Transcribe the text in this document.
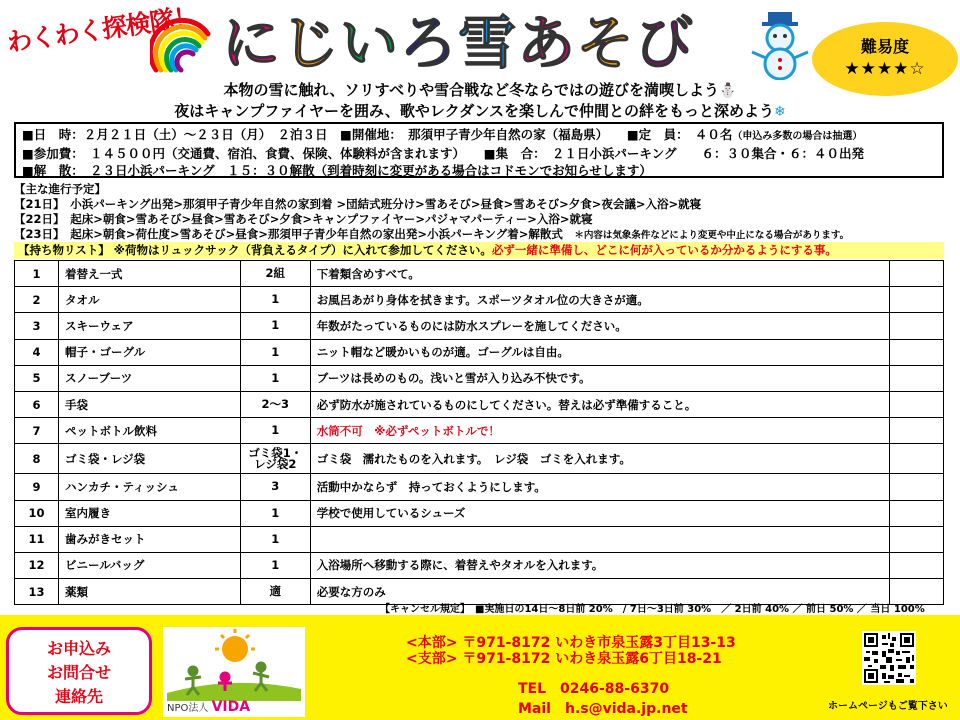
わくわく探検隊！ にじいろ雪あそび	難易度
★★★★☆

本物の雪に触れ、ソリすべりや雪合戦など冬ならではの遊びを満喫しよう⛄

夜はキャンプファイヤーを囲み、歌やレクダンスを楽しんで仲間との絆をもっと深めよう❄

■日　時：２月２１日（土）～２３日（月）　２泊３日　■開催地：　那須甲子青少年自然の家（福島県）　　■定　員：　４０名（申込み多数の場合は抽選）

■参加費：　１４５００円（交通費、宿泊、食費、保険、体験料が含まれます）　　■集　合：　２１日小浜パーキング　　６：３０集合・６：４０出発

■解　散：　２３日小浜パーキング　１５：３０解散（到着時刻に変更がある場合はコドモンでお知らせします）

【主な進行予定】

【21日】　小浜パーキング出発>那須甲子青少年自然の家到着 >団結式班分け>雪あそび>昼食>雪あそび>夕食>夜会議>入浴>就寝

【22日】　起床>朝食>雪あそび>昼食>雪あそび>夕食>キャンプファイヤー>パジャマパーティー>入浴>就寝

【23日】　起床>朝食>荷仕度>雪あそび>昼食>那須甲子青少年自然の家出発>小浜パーキング着>解散式　＊内容は気象条件などにより変更や中止になる場合があります。

【持ち物リスト】 ※荷物はリュックサック（背負えるタイプ）に入れて参加してください。必ず一緒に準備し、どこに何が入っているか分かるようにする事。
1	着替え一式	2組	下着類含めすべて。	
2	タオル	1	お風呂あがり身体を拭きます。スポーツタオル位の大きさが適。	
3	スキーウェア	1	年数がたっているものには防水スプレーを施してください。	
4	帽子・ゴーグル	1	ニット帽など暖かいものが適。ゴーグルは自由。	
5	スノーブーツ	1	ブーツは長めのもの。浅いと雪が入り込み不快です。	
6	手袋	2～3	必ず防水が施されているものにしてください。替えは必ず準備すること。	
7	ペットボトル飲料	1	水筒不可　※必ずペットボトルで！	
8	ゴミ袋・レジ袋	ゴミ袋1・レジ袋2	ゴミ袋　濡れたものを入れます。　レジ袋　ゴミを入れます。	
9	ハンカチ・ティッシュ	3	活動中かならず　持っておくようにします。	
10	室内履き	1	学校で使用しているシューズ	
11	歯みがきセット	1		
12	ビニールバッグ	1	入浴場所へ移動する際に、着替えやタオルを入れます。	
13	薬類	適	必要な方のみ	
【キャンセル規定】　■実施日の14日～8日前 20%　/ 7日～3日前 30%　／ 2日前 40% ／ 前日 50% ／ 当日 100%
お申込み
お問合せ
連絡先
NPO法人 VIDA
<本部> 〒971-8172 いわき市泉玉露3丁目13-13
<支部> 〒971-8172 いわき泉玉露6丁目18-21
TEL　0246-88-6370
Mail　h.s@vida.jp.net	ホームページもご覧下さい
